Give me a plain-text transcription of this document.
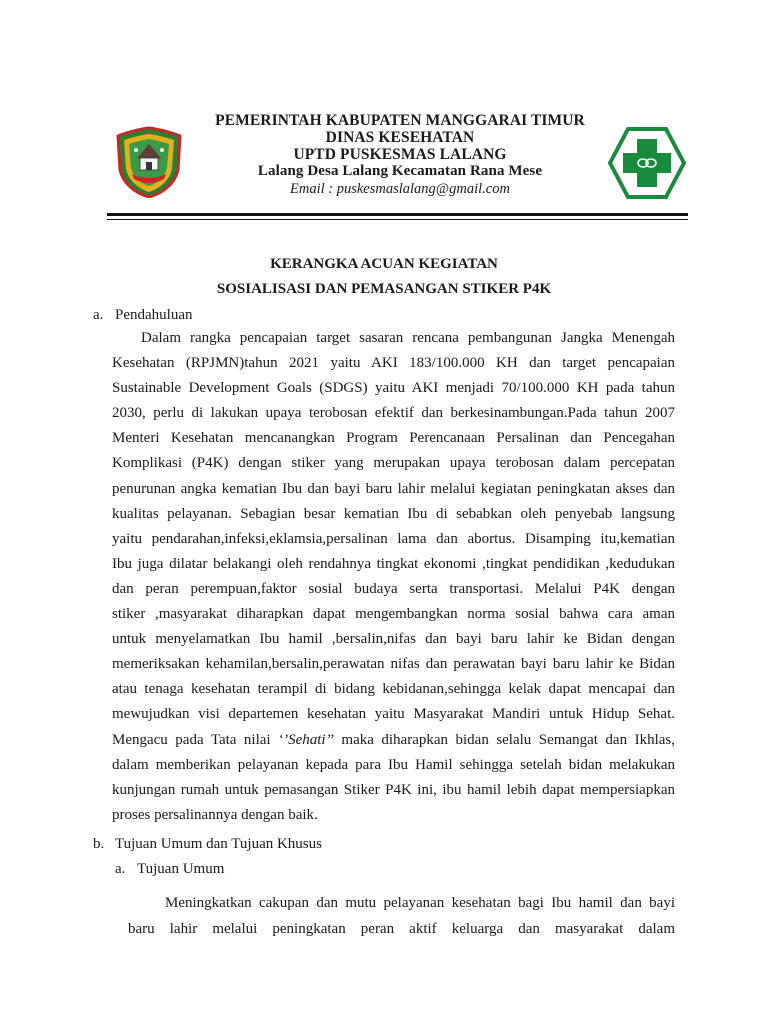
PEMERINTAH KABUPATEN MANGGARAI TIMUR
DINAS KESEHATAN
UPTD PUSKESMAS LALANG
Lalang Desa Lalang Kecamatan Rana Mese
Email : puskesmaslalang@gmail.com
KERANGKA ACUAN KEGIATAN
SOSIALISASI DAN PEMASANGAN STIKER P4K
a. Pendahuluan
Dalam rangka pencapaian target sasaran rencana pembangunan Jangka Menengah
Kesehatan (RPJMN)tahun 2021 yaitu AKI 183/100.000 KH dan target pencapaian
Sustainable Development Goals (SDGS) yaitu AKI menjadi 70/100.000 KH pada tahun
2030, perlu di lakukan upaya terobosan efektif dan berkesinambungan.Pada tahun 2007
Menteri Kesehatan mencanangkan Program Perencanaan Persalinan dan Pencegahan
Komplikasi (P4K) dengan stiker yang merupakan upaya terobosan dalam percepatan
penurunan angka kematian Ibu dan bayi baru lahir melalui kegiatan peningkatan akses dan
kualitas pelayanan. Sebagian besar kematian Ibu di sebabkan oleh penyebab langsung
yaitu pendarahan,infeksi,eklamsia,persalinan lama dan abortus. Disamping itu,kematian
Ibu juga dilatar belakangi oleh rendahnya tingkat ekonomi ,tingkat pendidikan ,kedudukan
dan peran perempuan,faktor sosial budaya serta transportasi. Melalui P4K dengan
stiker ,masyarakat diharapkan dapat mengembangkan norma sosial bahwa cara aman
untuk menyelamatkan Ibu hamil ,bersalin,nifas dan bayi baru lahir ke Bidan dengan
memeriksakan kehamilan,bersalin,perawatan nifas dan perawatan bayi baru lahir ke Bidan
atau tenaga kesehatan terampil di bidang kebidanan,sehingga kelak dapat mencapai dan
mewujudkan visi departemen kesehatan yaitu Masyarakat Mandiri untuk Hidup Sehat.
Mengacu pada Tata nilai ‘’Sehati’’ maka diharapkan bidan selalu Semangat dan Ikhlas,
dalam memberikan pelayanan kepada para Ibu Hamil sehingga setelah bidan melakukan
kunjungan rumah untuk pemasangan Stiker P4K ini, ibu hamil lebih dapat mempersiapkan
proses persalinannya dengan baik.
b. Tujuan Umum dan Tujuan Khusus
a. Tujuan Umum
Meningkatkan cakupan dan mutu pelayanan kesehatan bagi Ibu hamil dan bayi
baru lahir melalui peningkatan peran aktif keluarga dan masyarakat dalam
